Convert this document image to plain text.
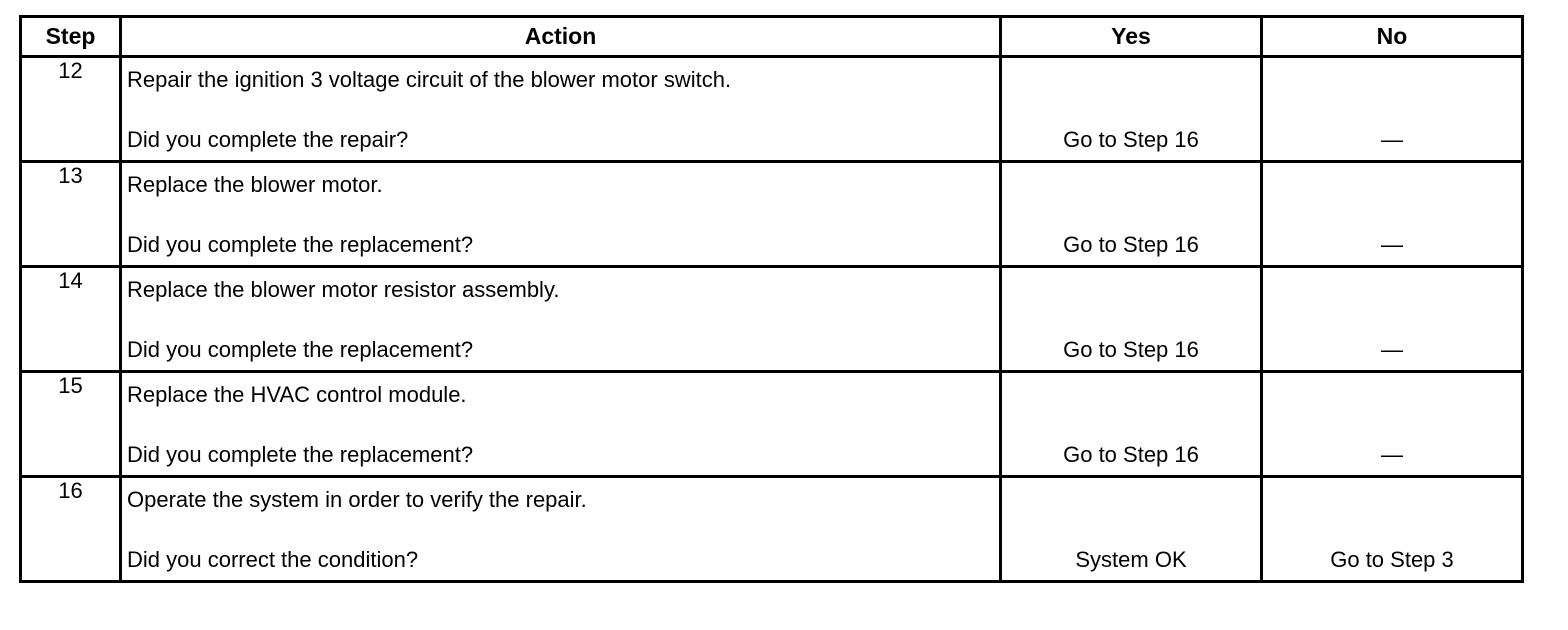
Step	Action	Yes	No
12	Repair the ignition 3 voltage circuit of the blower motor switch.
Did you complete the repair?	Go to Step 16	—

13	Replace the blower motor.
Did you complete the replacement?	Go to Step 16	—

14	Replace the blower motor resistor assembly.
Did you complete the replacement?	Go to Step 16	—

15	Replace the HVAC control module.
Did you complete the replacement?	Go to Step 16	—

16	Operate the system in order to verify the repair.
Did you correct the condition?	System OK	Go to Step 3
